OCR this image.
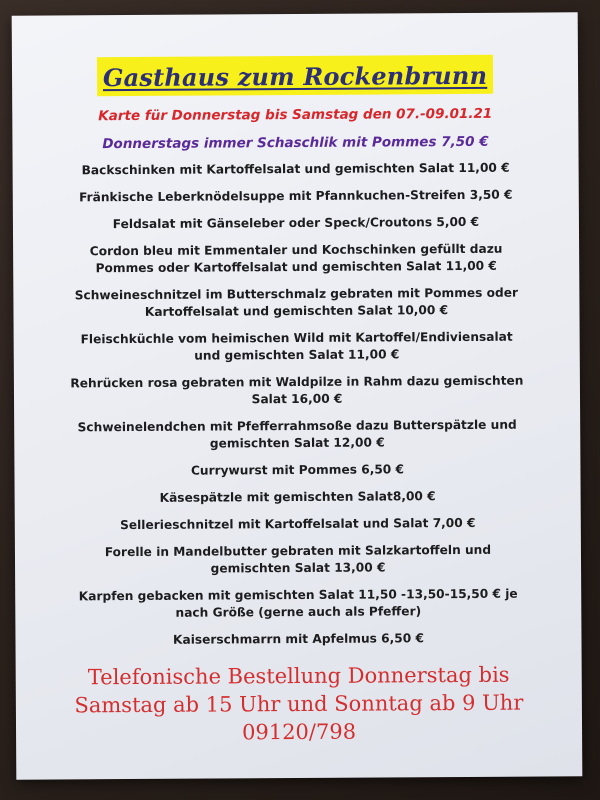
Gasthaus zum Rockenbrunn
Karte für Donnerstag bis Samstag den 07.-09.01.21
Donnerstags immer Schaschlik mit Pommes 7,50 €
Backschinken mit Kartoffelsalat und gemischten Salat 11,00 €
Fränkische Leberknödelsuppe mit Pfannkuchen-Streifen 3,50 €
Feldsalat mit Gänseleber oder Speck/Croutons 5,00 €
Cordon bleu mit Emmentaler und Kochschinken gefüllt dazu
Pommes oder Kartoffelsalat und gemischten Salat 11,00 €
Schweineschnitzel im Butterschmalz gebraten mit Pommes oder
Kartoffelsalat und gemischten Salat 10,00 €
Fleischküchle vom heimischen Wild mit Kartoffel/Endiviensalat
und gemischten Salat 11,00 €
Rehrücken rosa gebraten mit Waldpilze in Rahm dazu gemischten
Salat 16,00 €
Schweinelendchen mit Pfefferrahmsoße dazu Butterspätzle und
gemischten Salat 12,00 €
Currywurst mit Pommes 6,50 €
Käsespätzle mit gemischten Salat8,00 €
Sellerieschnitzel mit Kartoffelsalat und Salat 7,00 €
Forelle in Mandelbutter gebraten mit Salzkartoffeln und
gemischten Salat 13,00 €
Karpfen gebacken mit gemischten Salat 11,50 -13,50-15,50 € je
nach Größe (gerne auch als Pfeffer)
Kaiserschmarrn mit Apfelmus 6,50 €
Telefonische Bestellung Donnerstag bis
Samstag ab 15 Uhr und Sonntag ab 9 Uhr
09120/798
